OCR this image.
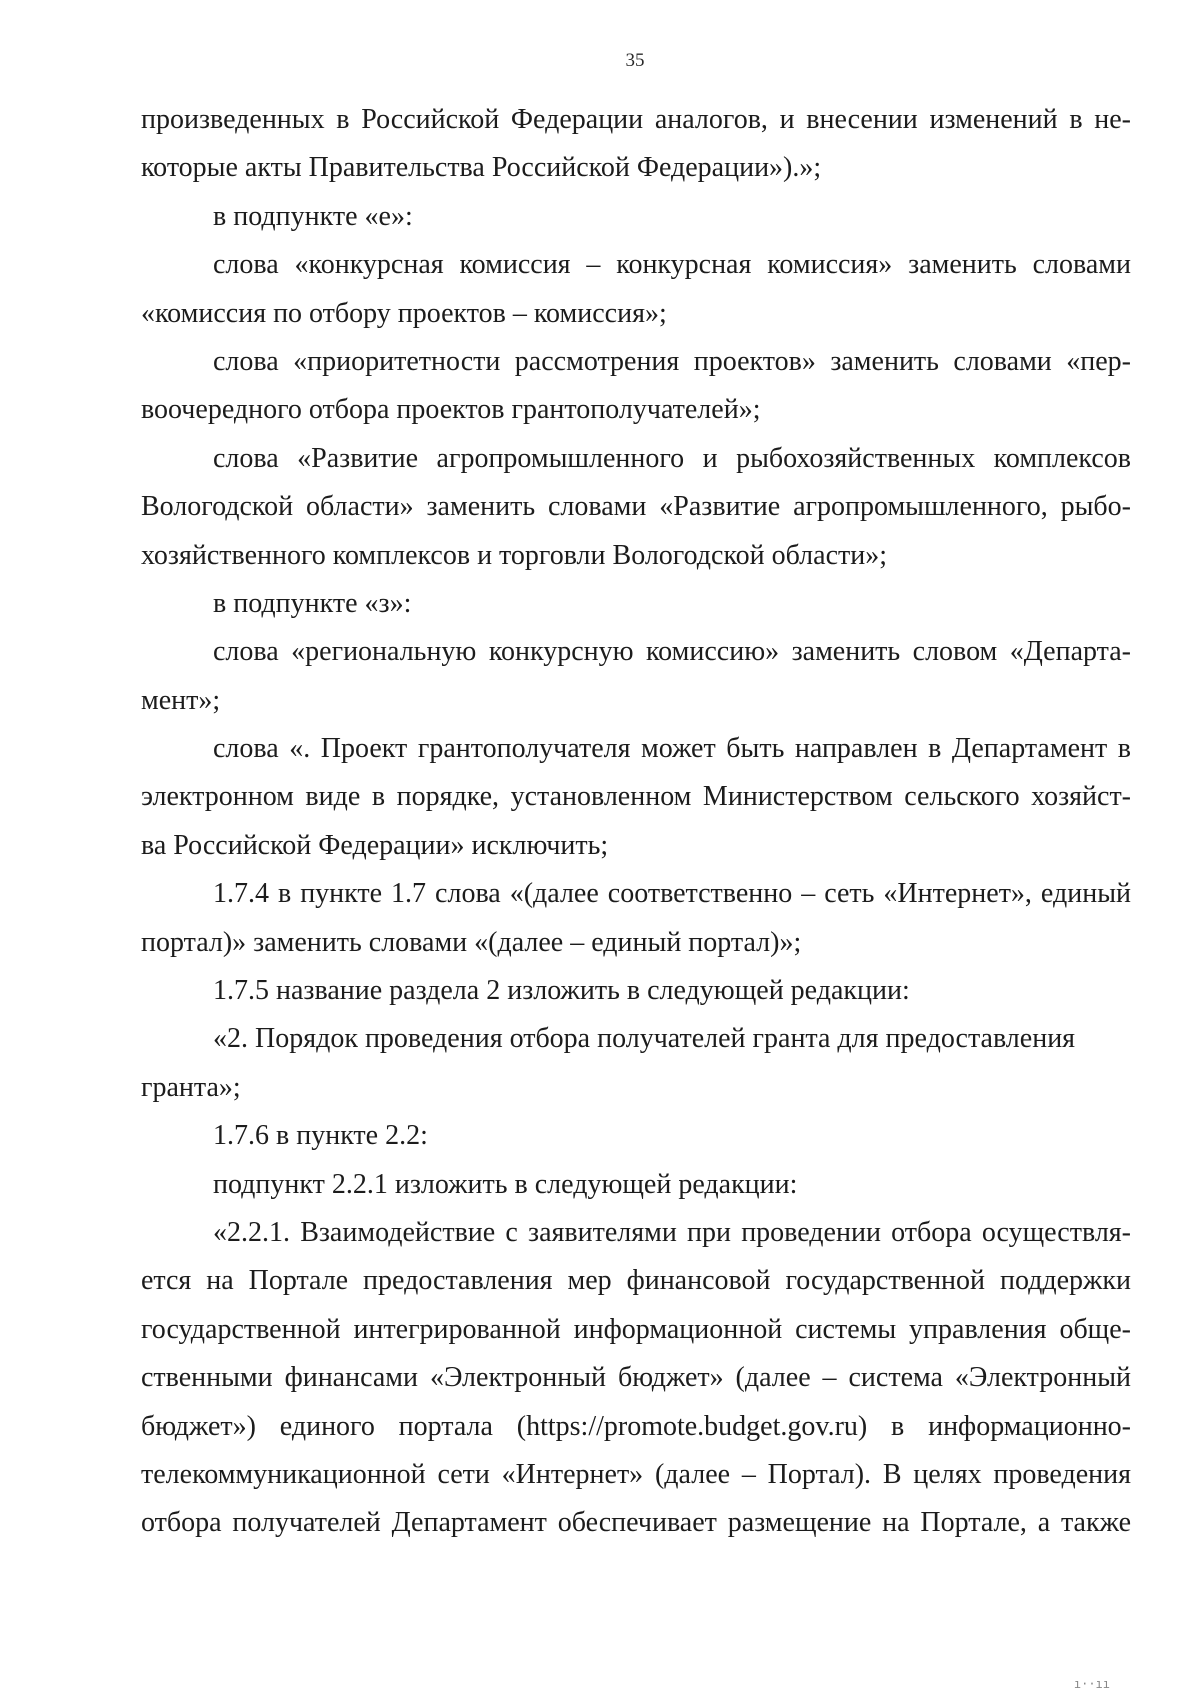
35
произведенных в Российской Федерации аналогов, и внесении изменений в не-
которые акты Правительства Российской Федерации»).»;
в подпункте «е»:
слова «конкурсная комиссия – конкурсная комиссия» заменить словами
«комиссия по отбору проектов – комиссия»;
слова «приоритетности рассмотрения проектов» заменить словами «пер-
воочередного отбора проектов грантополучателей»;
слова «Развитие агропромышленного и рыбохозяйственных комплексов
Вологодской области» заменить словами «Развитие агропромышленного, рыбо-
хозяйственного комплексов и торговли Вологодской области»;
в подпункте «з»:
слова «региональную конкурсную комиссию» заменить словом «Департа-
мент»;
слова «. Проект грантополучателя может быть направлен в Департамент в
электронном виде в порядке, установленном Министерством сельского хозяйст-
ва Российской Федерации» исключить;
1.7.4 в пункте 1.7 слова «(далее соответственно – сеть «Интернет», единый
портал)» заменить словами «(далее – единый портал)»;
1.7.5 название раздела 2 изложить в следующей редакции:
«2. Порядок проведения отбора получателей гранта для предоставления
гранта»;
1.7.6 в пункте 2.2:
подпункт 2.2.1 изложить в следующей редакции:
«2.2.1. Взаимодействие с заявителями при проведении отбора осуществля-
ется на Портале предоставления мер финансовой государственной поддержки
государственной интегрированной информационной системы управления обще-
ственными финансами «Электронный бюджет» (далее – система «Электронный
бюджет») единого портала (https://promote.budget.gov.ru) в информационно-
телекоммуникационной сети «Интернет» (далее – Портал). В целях проведения
отбора получателей Департамент обеспечивает размещение на Портале, а также
ı··ıı
